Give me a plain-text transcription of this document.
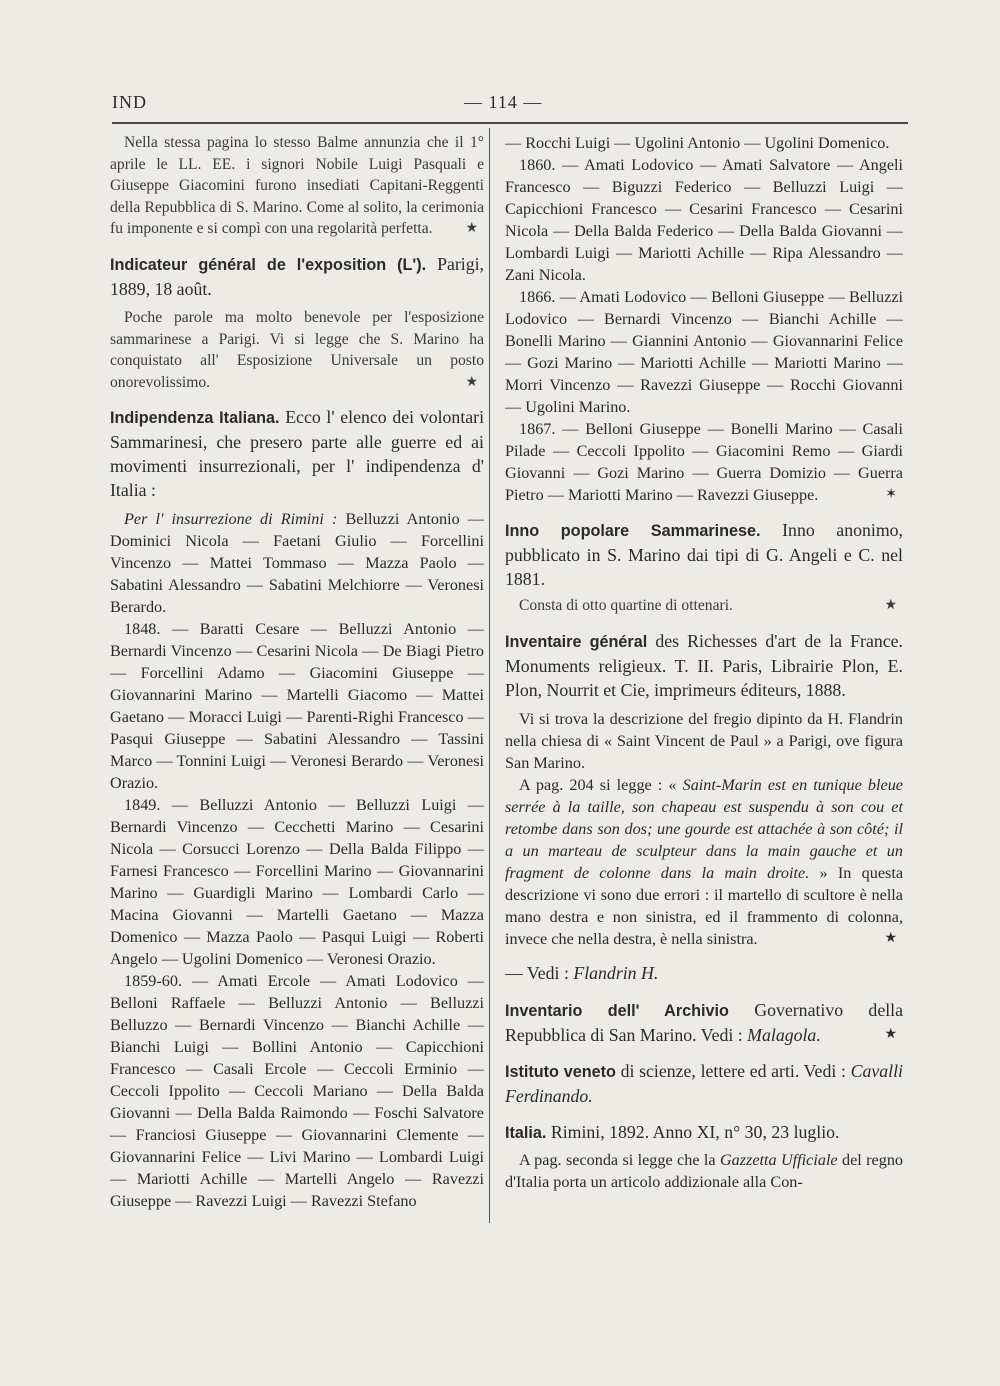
IND	— 114 —

Nella stessa pagina lo stesso Balme annunzia che il 1° aprile le LL. EE. i signori Nobile Luigi Pasquali e Giuseppe Giacomini furono insediati Capitani-Reggenti della Repubblica di S. Marino. Come al solito, la cerimonia fu imponente e si compì con una regolarità perfetta.	★

Indicateur général de l'exposition (L'). Parigi, 1889, 18 août.

Poche parole ma molto benevole per l'esposizione sammarinese a Parigi. Vi si legge che S. Marino ha conquistato all' Esposizione Universale un posto onorevolissimo.	★

Indipendenza Italiana. Ecco l' elenco dei volontari Sammarinesi, che presero parte alle guerre ed ai movimenti insurrezionali, per l' indipendenza d' Italia :

Per l' insurrezione di Rimini : Belluzzi Antonio — Dominici Nicola — Faetani Giulio — Forcellini Vincenzo — Mattei Tommaso — Mazza Paolo — Sabatini Alessandro — Sabatini Melchiorre — Veronesi Berardo.

1848. — Baratti Cesare — Belluzzi Antonio — Bernardi Vincenzo — Cesarini Nicola — De Biagi Pietro — Forcellini Adamo — Giacomini Giuseppe — Giovannarini Marino — Martelli Giacomo — Mattei Gaetano — Moracci Luigi — Parenti-Righi Francesco — Pasqui Giuseppe — Sabatini Alessandro — Tassini Marco — Tonnini Luigi — Veronesi Berardo — Veronesi Orazio.

1849. — Belluzzi Antonio — Belluzzi Luigi — Bernardi Vincenzo — Cecchetti Marino — Cesarini Nicola — Corsucci Lorenzo — Della Balda Filippo — Farnesi Francesco — Forcellini Marino — Giovannarini Marino — Guardigli Marino — Lombardi Carlo — Macina Giovanni — Martelli Gaetano — Mazza Domenico — Mazza Paolo — Pasqui Luigi — Roberti Angelo — Ugolini Domenico — Veronesi Orazio.

1859-60. — Amati Ercole — Amati Lodovico — Belloni Raffaele — Belluzzi Antonio — Belluzzi Belluzzo — Bernardi Vincenzo — Bianchi Achille — Bianchi Luigi — Bollini Antonio — Capicchioni Francesco — Casali Ercole — Ceccoli Erminio — Ceccoli Ippolito — Ceccoli Mariano — Della Balda Giovanni — Della Balda Raimondo — Foschi Salvatore — Franciosi Giuseppe — Giovannarini Clemente — Giovannarini Felice — Livi Marino — Lombardi Luigi — Mariotti Achille — Martelli Angelo — Ravezzi Giuseppe — Ravezzi Luigi — Ravezzi Stefano

— Rocchi Luigi — Ugolini Antonio — Ugolini Domenico.

1860. — Amati Lodovico — Amati Salvatore — Angeli Francesco — Biguzzi Federico — Belluzzi Luigi — Capicchioni Francesco — Cesarini Francesco — Cesarini Nicola — Della Balda Federico — Della Balda Giovanni — Lombardi Luigi — Mariotti Achille — Ripa Alessandro — Zani Nicola.

1866. — Amati Lodovico — Belloni Giuseppe — Belluzzi Lodovico — Bernardi Vincenzo — Bianchi Achille — Bonelli Marino — Giannini Antonio — Giovannarini Felice — Gozi Marino — Mariotti Achille — Mariotti Marino — Morri Vincenzo — Ravezzi Giuseppe — Rocchi Giovanni — Ugolini Marino.

1867. — Belloni Giuseppe — Bonelli Marino — Casali Pilade — Ceccoli Ippolito — Giacomini Remo — Giardi Giovanni — Gozi Marino — Guerra Domizio — Guerra Pietro — Mariotti Marino — Ravezzi Giuseppe.	✶

Inno popolare Sammarinese. Inno anonimo, pubblicato in S. Marino dai tipi di G. Angeli e C. nel 1881.

Consta di otto quartine di ottenari.	★

Inventaire général des Richesses d'art de la France. Monuments religieux. T. II. Paris, Librairie Plon, E. Plon, Nourrit et Cie, imprimeurs éditeurs, 1888.

Vi si trova la descrizione del fregio dipinto da H. Flandrin nella chiesa di « Saint Vincent de Paul » a Parigi, ove figura San Marino.

A pag. 204 si legge : « Saint-Marin est en tunique bleue serrée à la taille, son chapeau est suspendu à son cou et retombe dans son dos; une gourde est attachée à son côté; il a un marteau de sculpteur dans la main gauche et un fragment de colonne dans la main droite. » In questa descrizione vi sono due errori : il martello di scultore è nella mano destra e non sinistra, ed il frammento di colonna, invece che nella destra, è nella sinistra.	★

— Vedi : Flandrin H.

Inventario dell' Archivio Governativo della Repubblica di San Marino. Vedi : Malagola.	★

Istituto veneto di scienze, lettere ed arti. Vedi : Cavalli Ferdinando.

Italia. Rimini, 1892. Anno XI, n° 30, 23 luglio.

A pag. seconda si legge che la Gazzetta Ufficiale del regno d'Italia porta un articolo addizionale alla Con-
